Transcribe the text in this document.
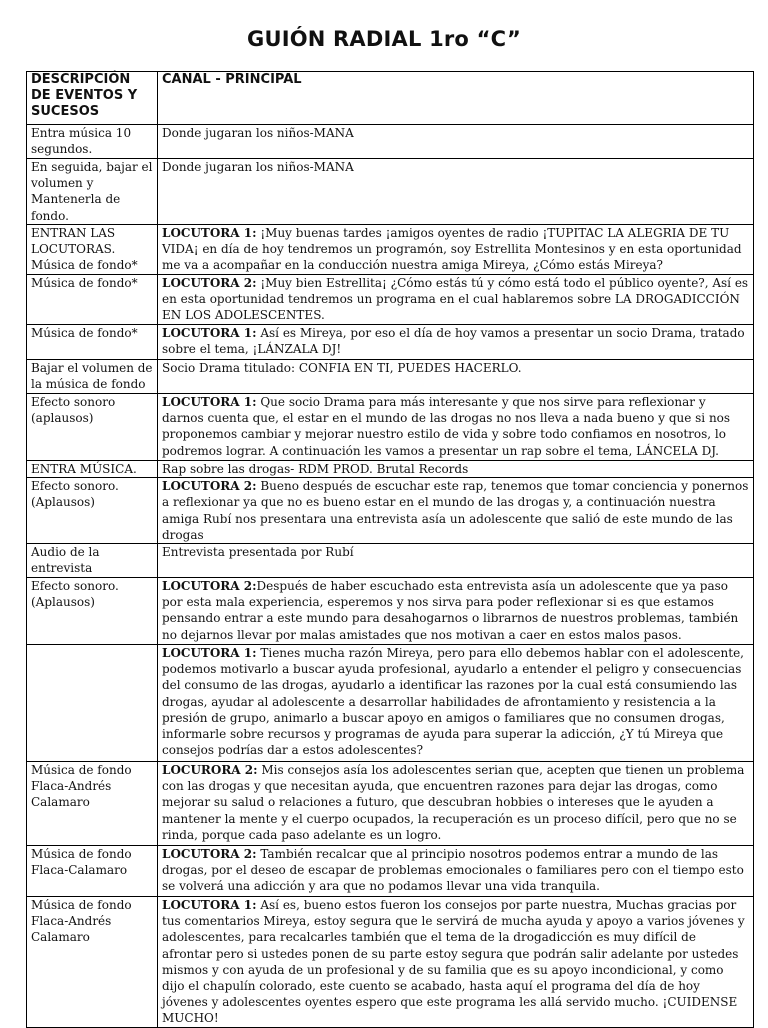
GUIÓN RADIAL 1ro “C”
DESCRIPCIÓN DE EVENTOS Y SUCESOS	CANAL - PRINCIPAL
Entra música 10 segundos.	Donde jugaran los niños-MANA
En seguida, bajar el volumen y Mantenerla de fondo.	Donde jugaran los niños-MANA
ENTRAN LAS LOCUTORAS. Música de fondo*	LOCUTORA 1: ¡Muy buenas tardes ¡amigos oyentes de radio ¡TUPITAC LA ALEGRIA DE TU VIDA¡ en día de hoy tendremos un programón, soy Estrellita Montesinos y en esta oportunidad me va a acompañar en la conducción nuestra amiga Mireya, ¿Cómo estás Mireya?
Música de fondo*	LOCUTORA 2: ¡Muy bien Estrellita¡ ¿Cómo estás tú y cómo está todo el público oyente?, Así es en esta oportunidad tendremos un programa en el cual hablaremos sobre LA DROGADICCIÓN EN LOS ADOLESCENTES.
Música de fondo*	LOCUTORA 1: Así es Mireya, por eso el día de hoy vamos a presentar un socio Drama, tratado sobre el tema, ¡LÁNZALA DJ!
Bajar el volumen de la música de fondo	Socio Drama titulado: CONFIA EN TI, PUEDES HACERLO.
Efecto sonoro (aplausos)	LOCUTORA 1: Que socio Drama para más interesante y que nos sirve para reflexionar y darnos cuenta que, el estar en el mundo de las drogas no nos lleva a nada bueno y que si nos proponemos cambiar y mejorar nuestro estilo de vida y sobre todo confiamos en nosotros, lo podremos lograr. A continuación les vamos a presentar un rap sobre el tema, LÁNCELA DJ.
ENTRA MÚSICA.	Rap sobre las drogas- RDM PROD. Brutal Records
Efecto sonoro. (Aplausos)	LOCUTORA 2: Bueno después de escuchar este rap, tenemos que tomar conciencia y ponernos a reflexionar ya que no es bueno estar en el mundo de las drogas y, a continuación nuestra amiga Rubí nos presentara una entrevista asía un adolescente que salió de este mundo de las drogas
Audio de la entrevista	Entrevista presentada por Rubí
Efecto sonoro. (Aplausos)	LOCUTORA 2:Después de haber escuchado esta entrevista asía un adolescente que ya paso por esta mala experiencia, esperemos y nos sirva para poder reflexionar si es que estamos pensando entrar a este mundo para desahogarnos o librarnos de nuestros problemas, también no dejarnos llevar por malas amistades que nos motivan a caer en estos malos pasos.
	LOCUTORA 1: Tienes mucha razón Mireya, pero para ello debemos hablar con el adolescente, podemos motivarlo a buscar ayuda profesional, ayudarlo a entender el peligro y consecuencias del consumo de las drogas, ayudarlo a identificar las razones por la cual está consumiendo las drogas, ayudar al adolescente a desarrollar habilidades de afrontamiento y resistencia a la presión de grupo, animarlo a buscar apoyo en amigos o familiares que no consumen drogas, informarle sobre recursos y programas de ayuda para superar la adicción, ¿Y tú Mireya que consejos podrías dar a estos adolescentes?
Música de fondo Flaca-Andrés Calamaro	LOCURORA 2: Mis consejos asía los adolescentes serian que, acepten que tienen un problema con las drogas y que necesitan ayuda, que encuentren razones para dejar las drogas, como mejorar su salud o relaciones a futuro, que descubran hobbies o intereses que le ayuden a mantener la mente y el cuerpo ocupados, la recuperación es un proceso difícil, pero que no se rinda, porque cada paso adelante es un logro.
Música de fondo Flaca-Calamaro	LOCUTORA 2: También recalcar que al principio nosotros podemos entrar a mundo de las drogas, por el deseo de escapar de problemas emocionales o familiares pero con el tiempo esto se volverá una adicción y ara que no podamos llevar una vida tranquila.
Música de fondo Flaca-Andrés Calamaro	LOCUTORA 1: Así es, bueno estos fueron los consejos por parte nuestra, Muchas gracias por tus comentarios Mireya, estoy segura que le servirá de mucha ayuda y apoyo a varios jóvenes y adolescentes, para recalcarles también que el tema de la drogadicción es muy difícil de afrontar pero si ustedes ponen de su parte estoy segura que podrán salir adelante por ustedes mismos y con ayuda de un profesional y de su familia que es su apoyo incondicional, y como dijo el chapulín colorado, este cuento se acabado, hasta aquí el programa del día de hoy jóvenes y adolescentes oyentes espero que este programa les allá servido mucho. ¡CUIDENSE MUCHO!
